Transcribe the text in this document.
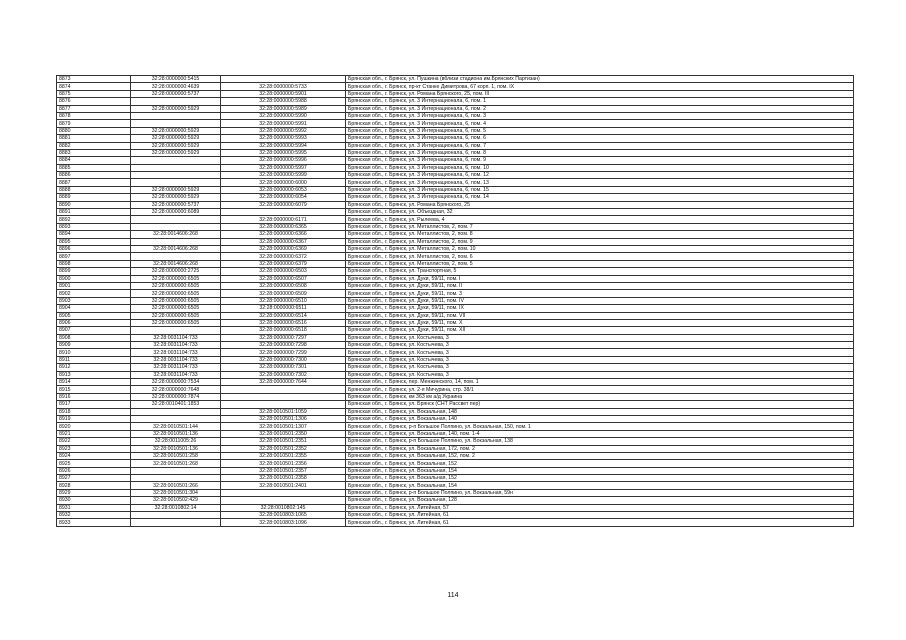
8873	32:28:0000000:5415		Брянская обл., г. Брянск, ул. Пушкина (вблизи стадиона им.Брянских Партизан)
8874	32:28:0000000:4639	32:28:0000000:5733	Брянская обл., г. Брянск, пр-кт Станке Димитрова, 67 корп. 1, пом. IX
8875	32:28:0000000:5737	32:28:0000000:5901	Брянская обл., г. Брянск, ул. Романа Брянского, 25, пом. III
8876		32:28:0000000:5988	Брянская обл., г. Брянск, ул. 3 Интернационала, 6, пом. 1
8877	32:28:0000000:5929	32:28:0000000:5989	Брянская обл., г. Брянск, ул. 3 Интернационала, 6, пом. 2
8878		32:28:0000000:5990	Брянская обл., г. Брянск, ул. 3 Интернационала, 6, пом. 3
8879		32:28:0000000:5991	Брянская обл., г. Брянск, ул. 3 Интернационала, 6, пом. 4
8880	32:28:0000000:5929	32:28:0000000:5992	Брянская обл., г. Брянск, ул. 3 Интернационала, 6, пом. 5
8881	32:28:0000000:5929	32:28:0000000:5993	Брянская обл., г. Брянск, ул. 3 Интернационала, 6, пом. 6
8882	32:28:0000000:5929	32:28:0000000:5994	Брянская обл., г. Брянск, ул. 3 Интернационала, 6, пом. 7
8883	32:28:0000000:5929	32:28:0000000:5995	Брянская обл., г. Брянск, ул. 3 Интернационала, 6, пом. 8
8884		32:28:0000000:5996	Брянская обл., г. Брянск, ул. 3 Интернационала, 6, пом. 9
8885		32:28:0000000:5997	Брянская обл., г. Брянск, ул. 3 Интернационала, 6, пом. 10
8886		32:28:0000000:5999	Брянская обл., г. Брянск, ул. 3 Интернационала, 6, пом. 12
8887		32:28:0000000:6000	Брянская обл., г. Брянск, ул. 3 Интернационала, 6, пом. 13
8888	32:28:0000000:5929	32:28:0000000:6053	Брянская обл., г. Брянск, ул. 3 Интернационала, 6, пом. 15
8889	32:28:0000000:5929	32:28:0000000:6054	Брянская обл., г. Брянск, ул. 3 Интернационала, 6, пом. 14
8890	32:28:0000000:5737	32:28:0000000:6079	Брянская обл., г. Брянск, ул. Романа Брянского, 25
8891	32:28:0000000:6089		Брянская обл., г. Брянск, ул. Объездная, 32
8892		32:28:0000000:6171	Брянская обл., г. Брянск, ул. Рылеева, 4
8893		32:28:0000000:6365	Брянская обл., г. Брянск, ул. Металлистов, 2, пом. 7
8894	32:28:0014606:268	32:28:0000000:6366	Брянская обл., г. Брянск, ул. Металлистов, 2, пом. 8
8895		32:28:0000000:6367	Брянская обл., г. Брянск, ул. Металлистов, 2, пом. 9
8896	32:28:0014606:268	32:28:0000000:6369	Брянская обл., г. Брянск, ул. Металлистов, 2, пом. 10
8897		32:28:0000000:6372	Брянская обл., г. Брянск, ул. Металлистов, 2, пом. 6
8898	32:28:0014606:268	32:28:0000000:6379	Брянская обл., г. Брянск, ул. Металлистов, 2, пом. 5
8899	32:28:0000000:2725	32:28:0000000:6503	Брянская обл., г. Брянск, ул. Транспортная, 5
8900	32:28:0000000:6505	32:28:0000000:6507	Брянская обл., г. Брянск, ул. Дуки, 59/11, пом. I
8901	32:28:0000000:6505	32:28:0000000:6508	Брянская обл., г. Брянск, ул. Дуки, 59/11, пом. II
8902	32:28:0000000:6505	32:28:0000000:6509	Брянская обл., г. Брянск, ул. Дуки, 59/11, пом. 3
8903	32:28:0000000:6505	32:28:0000000:6510	Брянская обл., г. Брянск, ул. Дуки, 59/11, пом. IV
8904	32:28:0000000:6505	32:28:0000000:6511	Брянская обл., г. Брянск, ул. Дуки, 59/11, пом. IX
8905	32:28:0000000:6505	32:28:0000000:6514	Брянская обл., г. Брянск, ул. Дуки, 59/11, пом. VII
8906	32:28:0000000:6505	32:28:0000000:6516	Брянская обл., г. Брянск, ул. Дуки, 59/11, пом. X
8907		32:28:0000000:6518	Брянская обл., г. Брянск, ул. Дуки, 59/11, пом. XII
8908	32:28:0031104:733	32:28:0000000:7297	Брянская обл., г. Брянск, ул. Костычева, 3
8909	32:28:0031104:733	32:28:0000000:7298	Брянская обл., г. Брянск, ул. Костычева, 3
8910	32:28:0031104:733	32:28:0000000:7299	Брянская обл., г. Брянск, ул. Костычева, 3
8911	32:28:0031104:733	32:28:0000000:7300	Брянская обл., г. Брянск, ул. Костычева, 3
8912	32:28:0031104:733	32:28:0000000:7301	Брянская обл., г. Брянск, ул. Костычева, 3
8913	32:28:0031104:733	32:28:0000000:7302	Брянская обл., г. Брянск, ул. Костычева, 3
8914	32:28:0000000:7534	32:28:0000000:7644	Брянская обл., г. Брянск, пер. Менжинского, 14, пом. 1
8915	32:28:0000000:7648		Брянская обл., г. Брянск, ул. 2-я Мичурина, стр. 38/1
8916	32:28:0000000:7874		Брянская обл., г. Брянск, км 363 км а/д Украина
8917	32:28:0010401:1853		Брянская обл., г. Брянск, ул. Брянск (СНТ Рассвет пер)
8918		32:28:0010501:1059	Брянская обл., г. Брянск, ул. Вокзальная, 148
8919		32:28:0010501:1306	Брянская обл., г. Брянск, ул. Вокзальная, 140
8920	32:28:0010501:144	32:28:0010501:1307	Брянская обл., г. Брянск, р-п Большое Полпино, ул. Вокзальная, 150, пом. 1
8921	32:28:0010501:136	32:28:0010501:2350	Брянская обл., г. Брянск, ул. Вокзальная, 140, пом. 1-4
8922	32:28:0011005:26	32:28:0010501:2351	Брянская обл., г. Брянск, р-п Большое Полпино, ул. Вокзальная, 138
8923	32:28:0010501:136	32:28:0010501:2352	Брянская обл., г. Брянск, ул. Вокзальная, 172, пом. 2
8924	32:28:0010501:258	32:28:0010501:2355	Брянская обл., г. Брянск, ул. Вокзальная, 152, пом. 2
8925	32:28:0010501:268	32:28:0010501:2356	Брянская обл., г. Брянск, ул. Вокзальная, 152
8926		32:28:0010501:2357	Брянская обл., г. Брянск, ул. Вокзальная, 154
8927		32:28:0010501:2358	Брянская обл., г. Брянск, ул. Вокзальная, 152
8928	32:28:0010501:266	32:28:0010501:2401	Брянская обл., г. Брянск, ул. Вокзальная, 154
8929	32:28:0010501:304		Брянская обл., г. Брянск, р-п Большое Полпино, ул. Вокзальная, 59н
8930	32:28:0010502:429		Брянская обл., г. Брянск, ул. Вокзальная, 128
8931	32:28:0010802:14	32:28:0010802:145	Брянская обл., г. Брянск, ул. Литейная, 57
8932		32:28:0010803:1065	Брянская обл., г. Брянск, ул. Литейная, 61
8933		32:28:0010803:1096	Брянская обл., г. Брянск, ул. Литейная, 61
114
